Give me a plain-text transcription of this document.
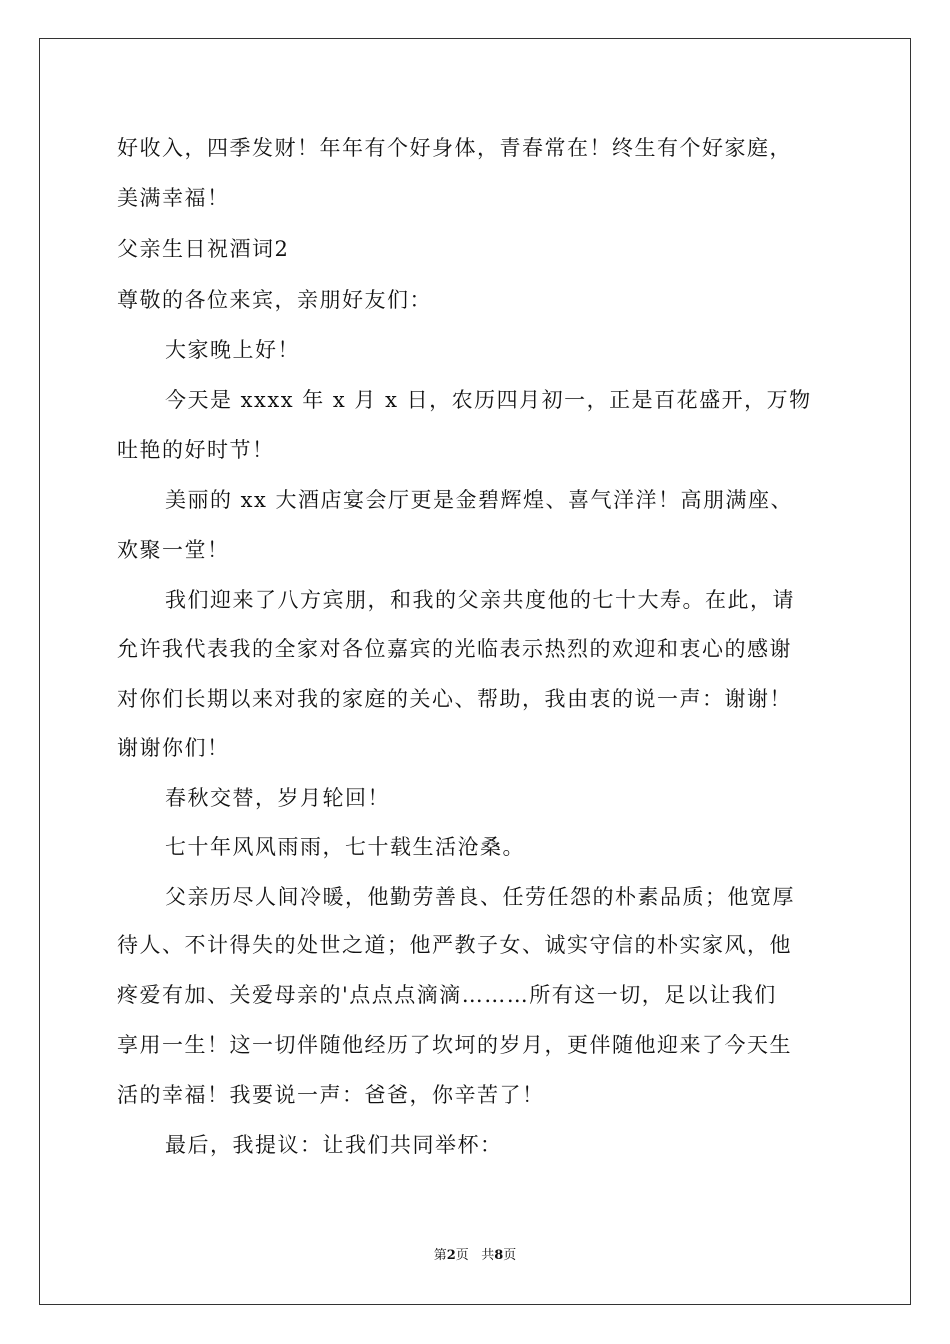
好收入，四季发财！年年有个好身体，青春常在！终生有个好家庭，
美满幸福！
父亲生日祝酒词2
尊敬的各位来宾，亲朋好友们：
大家晚上好！
今天是 xxxx 年 x 月 x 日，农历四月初一，正是百花盛开，万物
吐艳的好时节！
美丽的 xx 大酒店宴会厅更是金碧辉煌、喜气洋洋！高朋满座、
欢聚一堂！
我们迎来了八方宾朋，和我的父亲共度他的七十大寿。在此，请
允许我代表我的全家对各位嘉宾的光临表示热烈的欢迎和衷心的感谢
对你们长期以来对我的家庭的关心、帮助，我由衷的说一声：谢谢！
谢谢你们！
春秋交替，岁月轮回！
七十年风风雨雨，七十载生活沧桑。
父亲历尽人间冷暖，他勤劳善良、任劳任怨的朴素品质；他宽厚
待人、不计得失的处世之道；他严教子女、诚实守信的朴实家风，他
疼爱有加、关爱母亲的'点点点滴滴………所有这一切，足以让我们
享用一生！这一切伴随他经历了坎坷的岁月，更伴随他迎来了今天生
活的幸福！我要说一声：爸爸，你辛苦了！
最后，我提议：让我们共同举杯：
第2页   共8页
